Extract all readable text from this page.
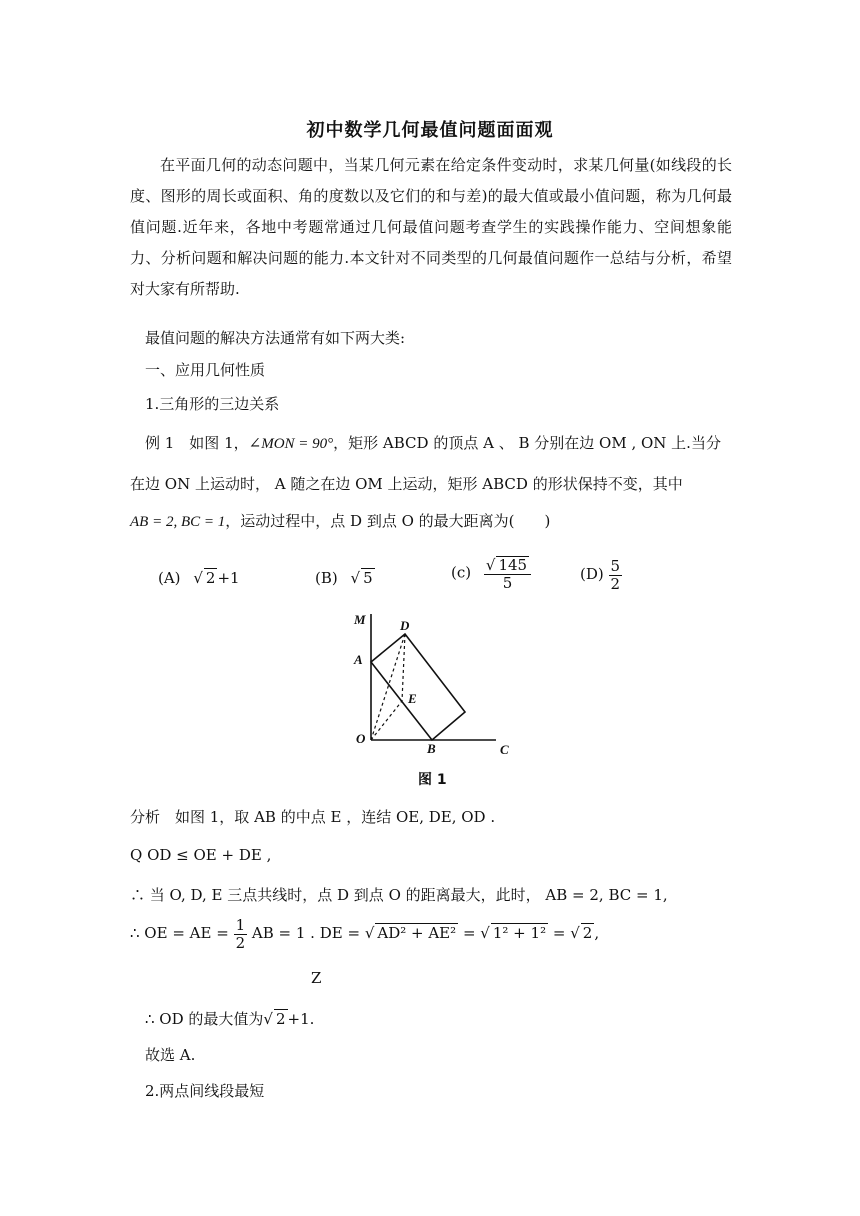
初中数学几何最值问题面面观
在平面几何的动态问题中，当某几何元素在给定条件变动时，求某几何量(如线段的长度、图形的周长或面积、角的度数以及它们的和与差)的最大值或最小值问题，称为几何最值问题.近年来，各地中考题常通过几何最值问题考查学生的实践操作能力、空间想象能力、分析问题和解决问题的能力.本文针对不同类型的几何最值问题作一总结与分析，希望对大家有所帮助.
最值问题的解决方法通常有如下两大类:
一、应用几何性质
1.三角形的三边关系
例 1　如图 1，∠MON = 90°，矩形 ABCD 的顶点 A 、 B 分别在边 OM , ON 上.当分
在边 ON 上运动时， A 随之在边 OM 上运动，矩形 ABCD 的形状保持不变，其中
AB = 2, BC = 1，运动过程中，点 D 到点 O 的最大距离为(　　)
(A) √ 2 +1	(B) √ 5	$(c) \frac{√ 145}{5}$	$(D) \frac{5}{2}$
M	D
A
E
O
B	C
图 1
分析　如图 1，取 AB 的中点 E ，连结 OE, DE, OD .
Q OD ≤ OE + DE ,
∴ 当 O, D, E 三点共线时，点 D 到点 O 的距离最大，此时， AB = 2, BC = 1,
∴ OE = AE = $\frac{1}{2}$ AB = 1 . DE = √ AD² + AE² = √ 1² + 1² = √ 2 ,
Z
∴ OD 的最大值为√ 2 +1.
故选 A.
2.两点间线段最短
